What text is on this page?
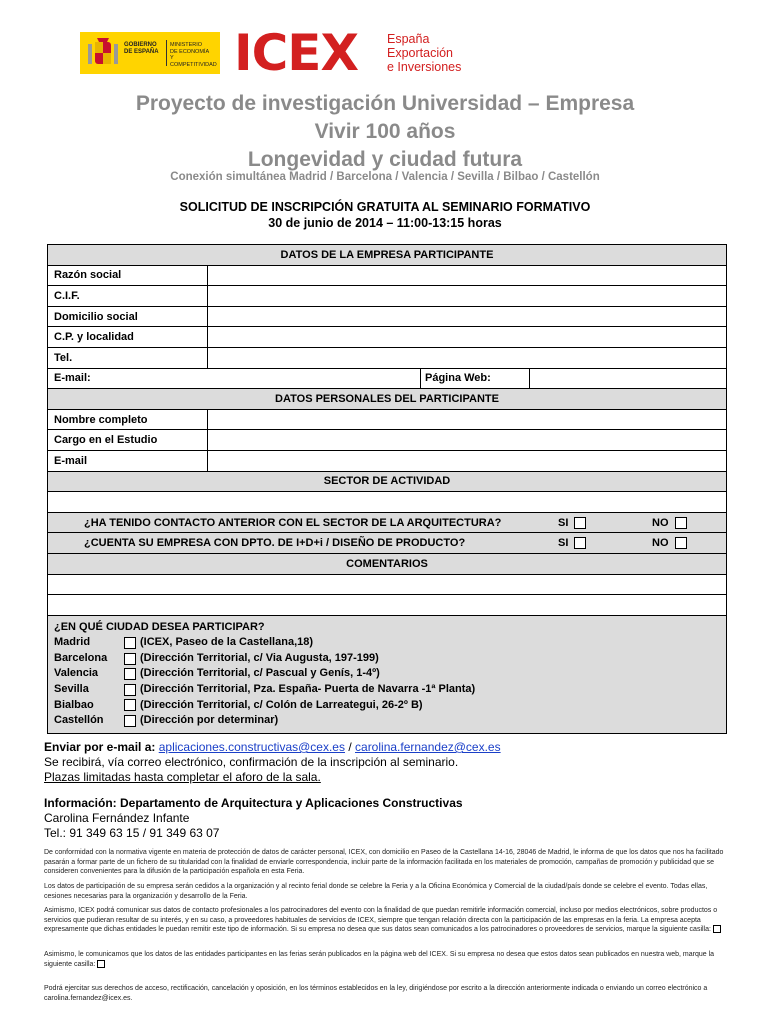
GOBIERNO
DE ESPAÑA
MINISTERIO
DE ECONOMÍA
Y COMPETITIVIDAD ICEX España
Exportación
e Inversiones
Proyecto de investigación Universidad – Empresa
Vivir 100 años
Longevidad y ciudad futura
Conexión simultánea Madrid / Barcelona / Valencia / Sevilla / Bilbao / Castellón
SOLICITUD DE INSCRIPCIÓN GRATUITA AL SEMINARIO FORMATIVO
30 de junio de 2014 – 11:00-13:15 horas
DATOS DE LA EMPRESA PARTICIPANTE
Razón social
C.I.F.
Domicilio social
C.P. y localidad
Tel.
E-mail:	Página Web:
DATOS PERSONALES DEL PARTICIPANTE
Nombre completo
Cargo en el Estudio
E-mail
SECTOR DE ACTIVIDAD
¿HA TENIDO CONTACTO ANTERIOR CON EL SECTOR DE LA ARQUITECTURA?	SI	NO
¿CUENTA SU EMPRESA CON DPTO. DE I+D+i / DISEÑO DE PRODUCTO?	SI	NO
COMENTARIOS
¿EN QUÉ CIUDAD DESEA PARTICIPAR?
Madrid	(ICEX, Paseo de la Castellana,18)
Barcelona	(Dirección Territorial, c/ Via Augusta, 197-199)
Valencia	(Dirección Territorial, c/ Pascual y Genís, 1-4º)
Sevilla	(Dirección Territorial, Pza. España- Puerta de Navarra -1ª Planta)
Bialbao	(Dirección Territorial, c/ Colón de Larreategui, 26-2º B)
Castellón	(Dirección por determinar)
Enviar por e-mail a: aplicaciones.constructivas@cex.es / carolina.fernandez@cex.es
Se recibirá, vía correo electrónico, confirmación de la inscripción al seminario.
Plazas limitadas hasta completar el aforo de la sala.
Información: Departamento de Arquitectura y Aplicaciones Constructivas
Carolina Fernández Infante
Tel.: 91 349 63 15 / 91 349 63 07
De conformidad con la normativa vigente en materia de protección de datos de carácter personal, ICEX, con domicilio en Paseo de la Castellana 14-16, 28046 de Madrid, le informa de que los datos que nos ha facilitado pasarán a formar parte de un fichero de su titularidad con la finalidad de enviarle correspondencia, incluir parte de la información facilitada en los materiales de promoción, campañas de promoción y publicidad que se consideren convenientes para la difusión de la participación española en esta Feria.
Los datos de participación de su empresa serán cedidos a la organización y al recinto ferial donde se celebre la Feria y a la Oficina Económica y Comercial de la ciudad/país donde se celebre el evento. Todas ellas, cesiones necesarias para la organización y desarrollo de la Feria.
Asimismo, ICEX podrá comunicar sus datos de contacto profesionales a los patrocinadores del evento con la finalidad de que puedan remitirle información comercial, incluso por medios electrónicos, sobre productos o servicios que pudieran resultar de su interés, y en su caso, a proveedores habituales de servicios de ICEX, siempre que tengan relación directa con la participación de las empresas en la feria. La empresa acepta expresamente que dichas entidades le puedan remitir este tipo de información. Si su empresa no desea que sus datos sean comunicados a los patrocinadores o proveedores de servicios, marque la siguiente casilla:
Asimismo, le comunicamos que los datos de las entidades participantes en las ferias serán publicados en la página web del ICEX. Si su empresa no desea que estos datos sean publicados en nuestra web, marque la siguiente casilla:
Podrá ejercitar sus derechos de acceso, rectificación, cancelación y oposición, en los términos establecidos en la ley, dirigiéndose por escrito a la dirección anteriormente indicada o enviando un correo electrónico a carolina.fernandez@icex.es.
